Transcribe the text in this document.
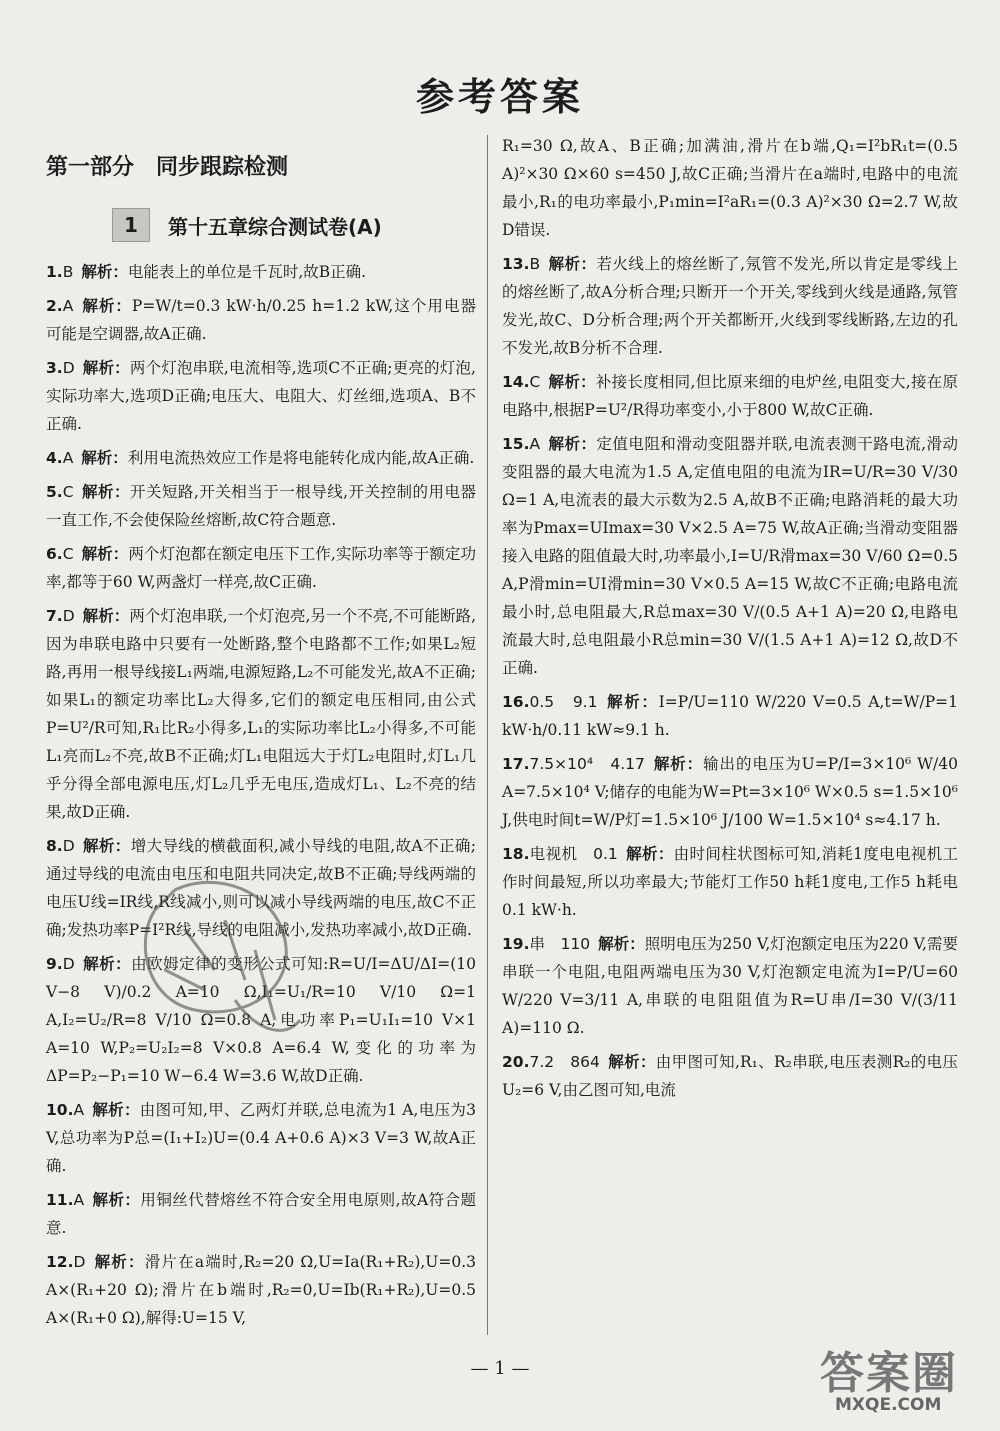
参考答案
第一部分　同步跟踪检测
1	第十五章综合测试卷(A)
1.B 解析：电能表上的单位是千瓦时,故B正确.
2.A 解析：P=W/t=0.3 kW·h/0.25 h=1.2 kW,这个用电器可能是空调器,故A正确.
3.D 解析：两个灯泡串联,电流相等,选项C不正确;更亮的灯泡,实际功率大,选项D正确;电压大、电阻大、灯丝细,选项A、B不正确.
4.A 解析：利用电流热效应工作是将电能转化成内能,故A正确.
5.C 解析：开关短路,开关相当于一根导线,开关控制的用电器一直工作,不会使保险丝熔断,故C符合题意.
6.C 解析：两个灯泡都在额定电压下工作,实际功率等于额定功率,都等于60 W,两盏灯一样亮,故C正确.
7.D 解析：两个灯泡串联,一个灯泡亮,另一个不亮,不可能断路,因为串联电路中只要有一处断路,整个电路都不工作;如果L₂短路,再用一根导线接L₁两端,电源短路,L₂不可能发光,故A不正确;如果L₁的额定功率比L₂大得多,它们的额定电压相同,由公式P=U²/R可知,R₁比R₂小得多,L₁的实际功率比L₂小得多,不可能L₁亮而L₂不亮,故B不正确;灯L₁电阻远大于灯L₂电阻时,灯L₁几乎分得全部电源电压,灯L₂几乎无电压,造成灯L₁、L₂不亮的结果,故D正确.
8.D 解析：增大导线的横截面积,减小导线的电阻,故A不正确;通过导线的电流由电压和电阻共同决定,故B不正确;导线两端的电压U线=IR线,R线减小,则可以减小导线两端的电压,故C不正确;发热功率P=I²R线,导线的电阻减小,发热功率减小,故D正确.
9.D 解析：由欧姆定律的变形公式可知:R=U/I=ΔU/ΔI=(10 V−8 V)/0.2 A=10 Ω,I₁=U₁/R=10 V/10 Ω=1 A,I₂=U₂/R=8 V/10 Ω=0.8 A,电功率P₁=U₁I₁=10 V×1 A=10 W,P₂=U₂I₂=8 V×0.8 A=6.4 W,变化的功率为ΔP=P₂−P₁=10 W−6.4 W=3.6 W,故D正确.
10.A 解析：由图可知,甲、乙两灯并联,总电流为1 A,电压为3 V,总功率为P总=(I₁+I₂)U=(0.4 A+0.6 A)×3 V=3 W,故A正确.
11.A 解析：用铜丝代替熔丝不符合安全用电原则,故A符合题意.
12.D 解析：滑片在a端时,R₂=20 Ω,U=Ia(R₁+R₂),U=0.3 A×(R₁+20 Ω);滑片在b端时,R₂=0,U=Ib(R₁+R₂),U=0.5 A×(R₁+0 Ω),解得:U=15 V,
R₁=30 Ω,故A、B正确;加满油,滑片在b端,Q₁=I²bR₁t=(0.5 A)²×30 Ω×60 s=450 J,故C正确;当滑片在a端时,电路中的电流最小,R₁的电功率最小,P₁min=I²aR₁=(0.3 A)²×30 Ω=2.7 W,故D错误.
13.B 解析：若火线上的熔丝断了,氖管不发光,所以肯定是零线上的熔丝断了,故A分析合理;只断开一个开关,零线到火线是通路,氖管发光,故C、D分析合理;两个开关都断开,火线到零线断路,左边的孔不发光,故B分析不合理.
14.C 解析：补接长度相同,但比原来细的电炉丝,电阻变大,接在原电路中,根据P=U²/R得功率变小,小于800 W,故C正确.
15.A 解析：定值电阻和滑动变阻器并联,电流表测干路电流,滑动变阻器的最大电流为1.5 A,定值电阻的电流为IR=U/R=30 V/30 Ω=1 A,电流表的最大示数为2.5 A,故B不正确;电路消耗的最大功率为Pmax=UImax=30 V×2.5 A=75 W,故A正确;当滑动变阻器接入电路的阻值最大时,功率最小,I=U/R滑max=30 V/60 Ω=0.5 A,P滑min=UI滑min=30 V×0.5 A=15 W,故C不正确;电路电流最小时,总电阻最大,R总max=30 V/(0.5 A+1 A)=20 Ω,电路电流最大时,总电阻最小R总min=30 V/(1.5 A+1 A)=12 Ω,故D不正确.
16.0.5　9.1 解析：I=P/U=110 W/220 V=0.5 A,t=W/P=1 kW·h/0.11 kW≈9.1 h.
17.7.5×10⁴　4.17 解析：输出的电压为U=P/I=3×10⁶ W/40 A=7.5×10⁴ V;储存的电能为W=Pt=3×10⁶ W×0.5 s=1.5×10⁶ J,供电时间t=W/P灯=1.5×10⁶ J/100 W=1.5×10⁴ s≈4.17 h.
18.电视机　0.1 解析：由时间柱状图标可知,消耗1度电电视机工作时间最短,所以功率最大;节能灯工作50 h耗1度电,工作5 h耗电0.1 kW·h.
19.串　110 解析：照明电压为250 V,灯泡额定电压为220 V,需要串联一个电阻,电阻两端电压为30 V,灯泡额定电流为I=P/U=60 W/220 V=3/11 A,串联的电阻阻值为R=U串/I=30 V/(3/11 A)=110 Ω.
20.7.2　864 解析：由甲图可知,R₁、R₂串联,电压表测R₂的电压U₂=6 V,由乙图可知,电流
— 1 —	答案圈
MXQE.COM
